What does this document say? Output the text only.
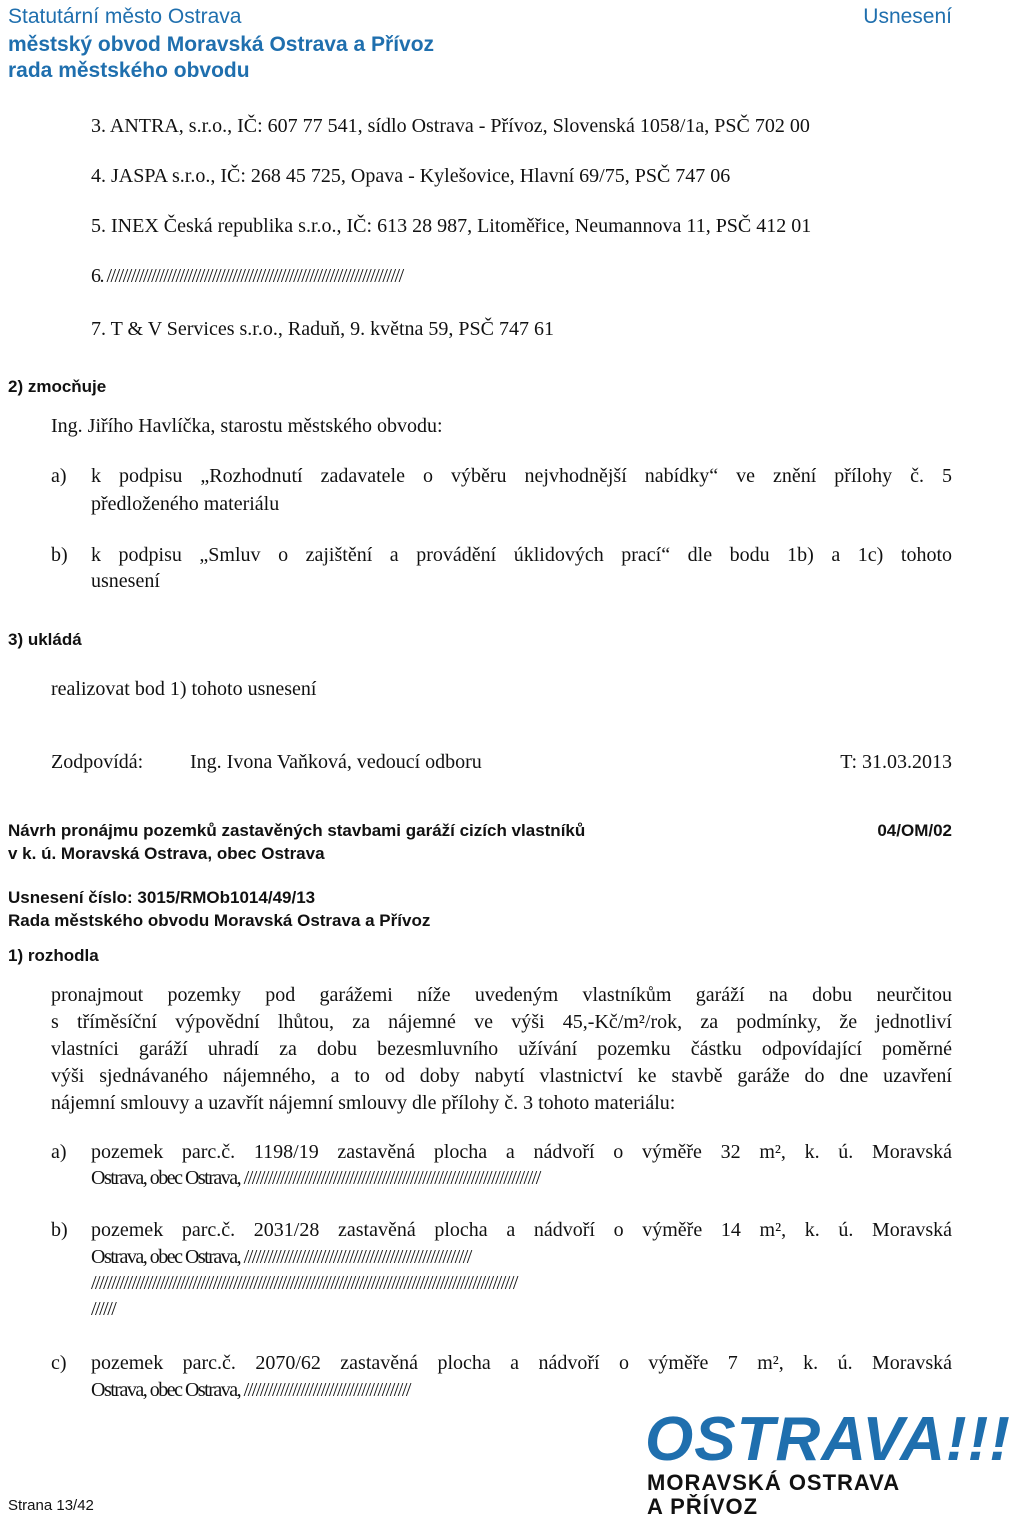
Statutární město Ostrava
městský obvod Moravská Ostrava a Přívoz
rada městského obvodu
Usnesení
3. ANTRA, s.r.o., IČ: 607 77 541, sídlo Ostrava - Přívoz, Slovenská 1058/1a, PSČ 702 00
4. JASPA s.r.o., IČ: 268 45 725, Opava - Kylešovice, Hlavní 69/75, PSČ 747 06
5. INEX Česká republika s.r.o., IČ: 613 28 987, Litoměřice, Neumannova 11, PSČ 412 01
6. /////////////////////////////////////////////////////////////////////////
7. T & V Services s.r.o., Raduň, 9. května 59, PSČ 747 61
2) zmocňuje
Ing. Jiřího Havlíčka, starostu městského obvodu:
a) k podpisu „Rozhodnutí zadavatele o výběru nejvhodnější nabídky“ ve znění přílohy č. 5
předloženého materiálu
b) k podpisu „Smluv o zajištění a provádění úklidových prací“ dle bodu 1b) a 1c) tohoto
usnesení
3) ukládá
realizovat bod 1) tohoto usnesení
Zodpovídá: Ing. Ivona Vaňková, vedoucí odboru	T: 31.03.2013
Návrh pronájmu pozemků zastavěných stavbami garáží cizích vlastníků
v k. ú. Moravská Ostrava, obec Ostrava
04/OM/02
Usnesení číslo: 3015/RMOb1014/49/13
Rada městského obvodu Moravská Ostrava a Přívoz
1) rozhodla
pronajmout pozemky pod garážemi níže uvedeným vlastníkům garáží na dobu neurčitou
s tříměsíční výpovědní lhůtou, za nájemné ve výši 45,-Kč/m²/rok, za podmínky, že jednotliví
vlastníci garáží uhradí za dobu bezesmluvního užívání pozemku částku odpovídající poměrné
výši sjednávaného nájemného, a to od doby nabytí vlastnictví ke stavbě garáže do dne uzavření
nájemní smlouvy a uzavřít nájemní smlouvy dle přílohy č. 3 tohoto materiálu:
a) pozemek parc.č. 1198/19 zastavěná plocha a nádvoří o výměře 32 m², k. ú. Moravská
Ostrava, obec Ostrava, /////////////////////////////////////////////////////////////////////////
b) pozemek parc.č. 2031/28 zastavěná plocha a nádvoří o výměře 14 m², k. ú. Moravská
Ostrava, obec Ostrava, ////////////////////////////////////////////////////////
/////////////////////////////////////////////////////////////////////////////////////////////////////////
//////
c) pozemek parc.č. 2070/62 zastavěná plocha a nádvoří o výměře 7 m², k. ú. Moravská
Ostrava, obec Ostrava, /////////////////////////////////////////
Strana 13/42
OSTRAVA!!!
MORAVSKÁ OSTRAVA
A PŘÍVOZ
